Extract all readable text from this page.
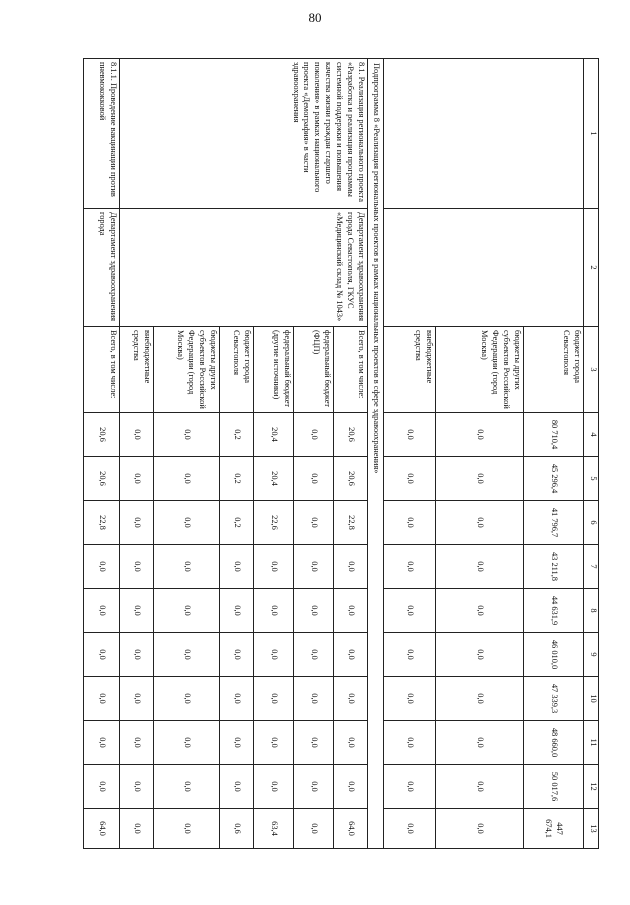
80
1	2	3	4	5	6	7	8	9	10	11	12	13
		бюджет города Севастополя	80 710,4	45 296,4	41 796,7	43 211,8	44 631,9	46 010,0	47 339,3	48 660,0	50 017,6	447 674,1
		бюджеты других субъектов Российской Федерации (город Москва)	0,0	0,0	0,0	0,0	0,0	0,0	0,0	0,0	0,0	0,0
		внебюджетные средства	0,0	0,0	0,0	0,0	0,0	0,0	0,0	0,0	0,0	0,0
Подпрограмма 8 «Реализация региональных проектов в рамках национальных проектов в сфере здравоохранения»												
8.1. Реализация регионального проекта «Разработка и реализация программы системной поддержки и повышения качества жизни граждан старшего поколения» в рамках национального проекта «Демография» в части здравоохранения	Департамент здравоохранения города Севастополя, ГКУС «Медицинский склад № 1043»	Всего, в том числе:	20,6	20,6	22,8	0,0	0,0	0,0	0,0	0,0	0,0	64,0
		федеральный бюджет (ФЦП)	0,0	0,0	0,0	0,0	0,0	0,0	0,0	0,0	0,0	0,0
		федеральный бюджет (другие источники)	20,4	20,4	22,6	0,0	0,0	0,0	0,0	0,0	0,0	63,4
		бюджет города Севастополя	0,2	0,2	0,2	0,0	0,0	0,0	0,0	0,0	0,0	0,6
		бюджеты других субъектов Российской Федерации (город Москва)	0,0	0,0	0,0	0,0	0,0	0,0	0,0	0,0	0,0	0,0
		внебюджетные средства	0,0	0,0	0,0	0,0	0,0	0,0	0,0	0,0	0,0	0,0
8.1.1. Проведение вакцинации против пневмококковой	Департамент здравоохранения города	Всего, в том числе:	20,6	20,6	22,8	0,0	0,0	0,0	0,0	0,0	0,0	64,0
